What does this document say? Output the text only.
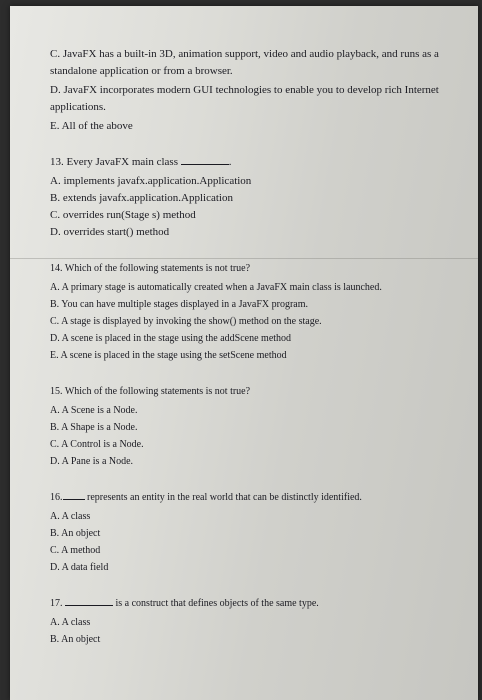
C. JavaFX has a built-in 3D, animation support, video and audio playback, and runs as a standalone application or from a browser.
D. JavaFX incorporates modern GUI technologies to enable you to develop rich Internet applications.
E. All of the above
13. Every JavaFX main class	.
A. implements javafx.application.Application
B. extends javafx.application.Application
C. overrides run(Stage s) method
D. overrides start() method
14. Which of the following statements is not true?
A. A primary stage is automatically created when a JavaFX main class is launched.
B. You can have multiple stages displayed in a JavaFX program.
C. A stage is displayed by invoking the show() method on the stage.
D. A scene is placed in the stage using the addScene method
E. A scene is placed in the stage using the setScene method
15. Which of the following statements is not true?
A. A Scene is a Node.
B. A Shape is a Node.
C. A Control is a Node.
D. A Pane is a Node.
16. represents an entity in the real world that can be distinctly identified.
A. A class
B. An object
C. A method
D. A data field
17.	is a construct that defines objects of the same type.
A. A class
B. An object
